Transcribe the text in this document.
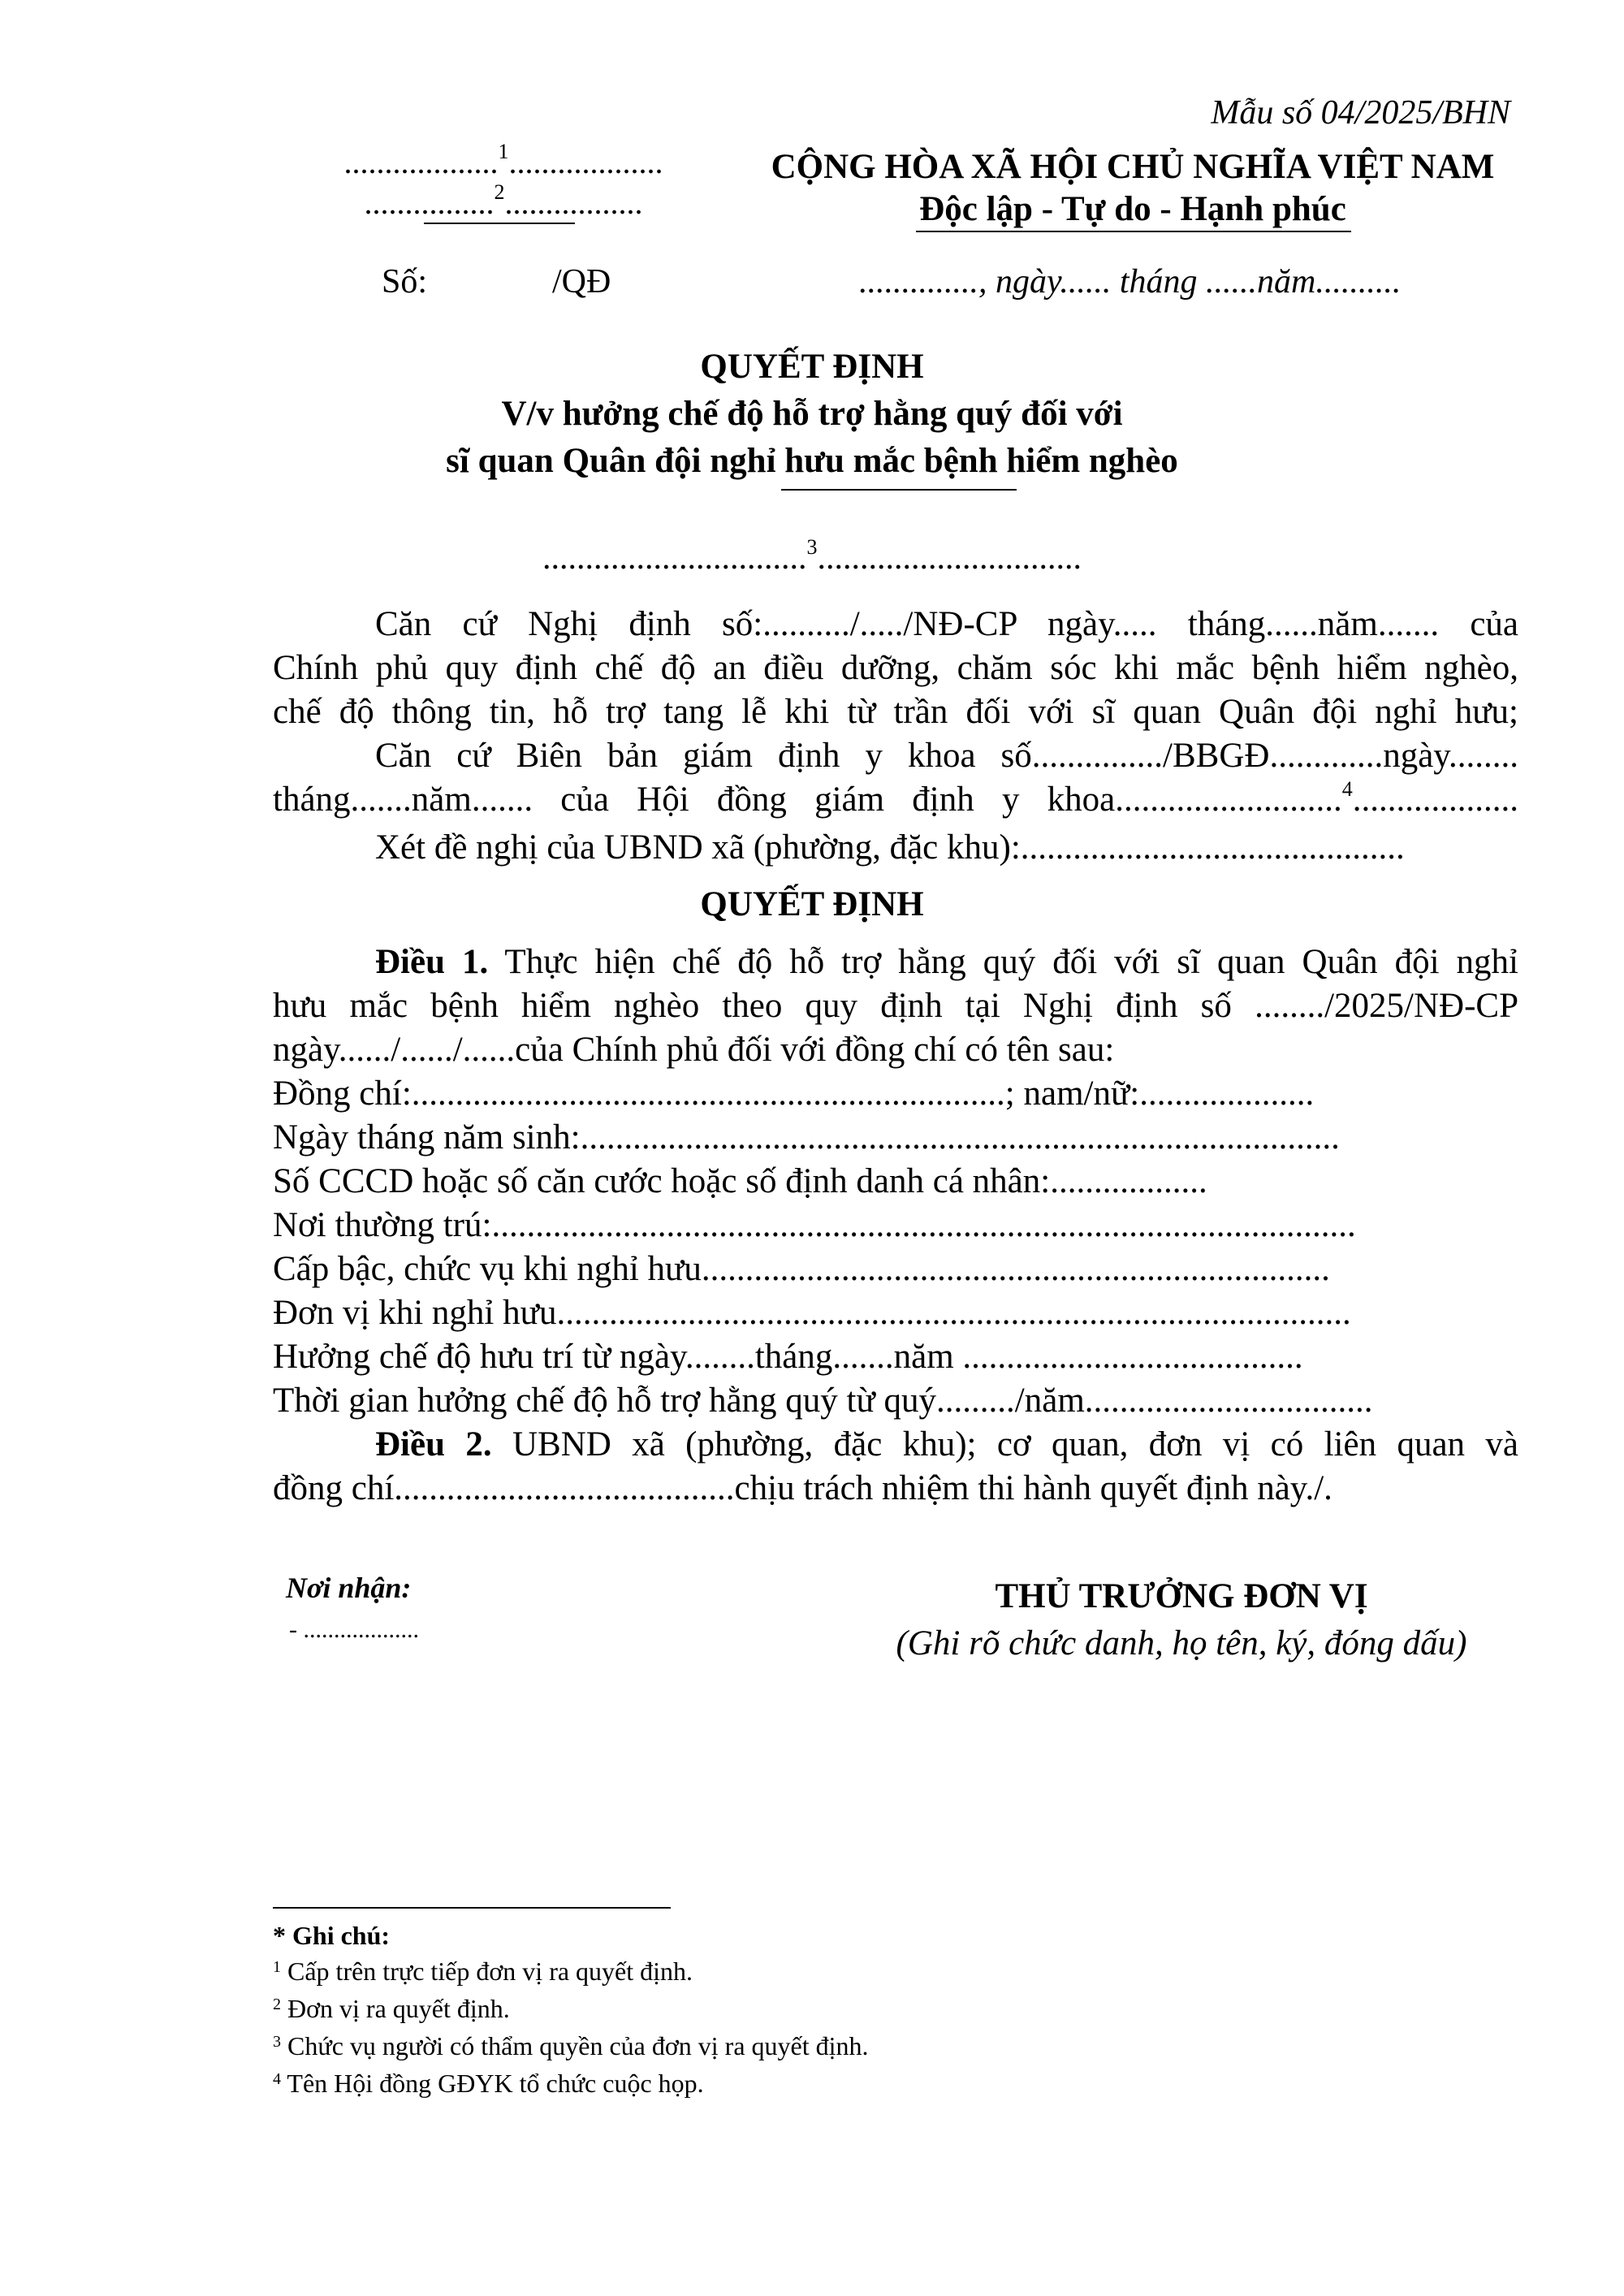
Mẫu số 04/2025/BHN
...................$^1$...................
................$^2$.................
CỘNG HÒA XÃ HỘI CHỦ NGHĨA VIỆT NAM
Độc lập - Tự do - Hạnh phúc
Số:	/QĐ	.............., ngày...... tháng ......năm..........
QUYẾT ĐỊNH
V/v hưởng chế độ hỗ trợ hằng quý đối với
sĩ quan Quân đội nghỉ hưu mắc bệnh hiểm nghèo
...............................$^3$...............................
Căn cứ Nghị định số:........../...../NĐ-CP ngày..... tháng......năm....... của
Chính phủ quy định chế độ an điều dưỡng, chăm sóc khi mắc bệnh hiểm nghèo,
chế độ thông tin, hỗ trợ tang lễ khi từ trần đối với sĩ quan Quân đội nghỉ hưu;
Căn cứ Biên bản giám định y khoa số.............../BBGĐ.............ngày........
tháng.......năm....... của Hội đồng giám định y khoa..........................$^4$...................
Xét đề nghị của UBND xã (phường, đặc khu):............................................
QUYẾT ĐỊNH
Điều 1. Thực hiện chế độ hỗ trợ hằng quý đối với sĩ quan Quân đội nghỉ
hưu mắc bệnh hiểm nghèo theo quy định tại Nghị định số ......../2025/NĐ-CP
ngày....../....../......của Chính phủ đối với đồng chí có tên sau:
Đồng chí:....................................................................; nam/nữ:....................
Ngày tháng năm sinh:.......................................................................................
Số CCCD hoặc số căn cước hoặc số định danh cá nhân:..................
Nơi thường trú:...................................................................................................
Cấp bậc, chức vụ khi nghỉ hưu........................................................................
Đơn vị khi nghỉ hưu...........................................................................................
Hưởng chế độ hưu trí từ ngày........tháng.......năm .......................................
Thời gian hưởng chế độ hỗ trợ hằng quý từ quý........./năm.................................
Điều 2. UBND xã (phường, đặc khu); cơ quan, đơn vị có liên quan và
đồng chí.......................................chịu trách nhiệm thi hành quyết định này./.
Nơi nhận:
- ...................
THỦ TRƯỞNG ĐƠN VỊ
(Ghi rõ chức danh, họ tên, ký, đóng dấu)
* Ghi chú:
$^1$ Cấp trên trực tiếp đơn vị ra quyết định.
$^2$ Đơn vị ra quyết định.
$^3$ Chức vụ người có thẩm quyền của đơn vị ra quyết định.
$^4$ Tên Hội đồng GĐYK tổ chức cuộc họp.
